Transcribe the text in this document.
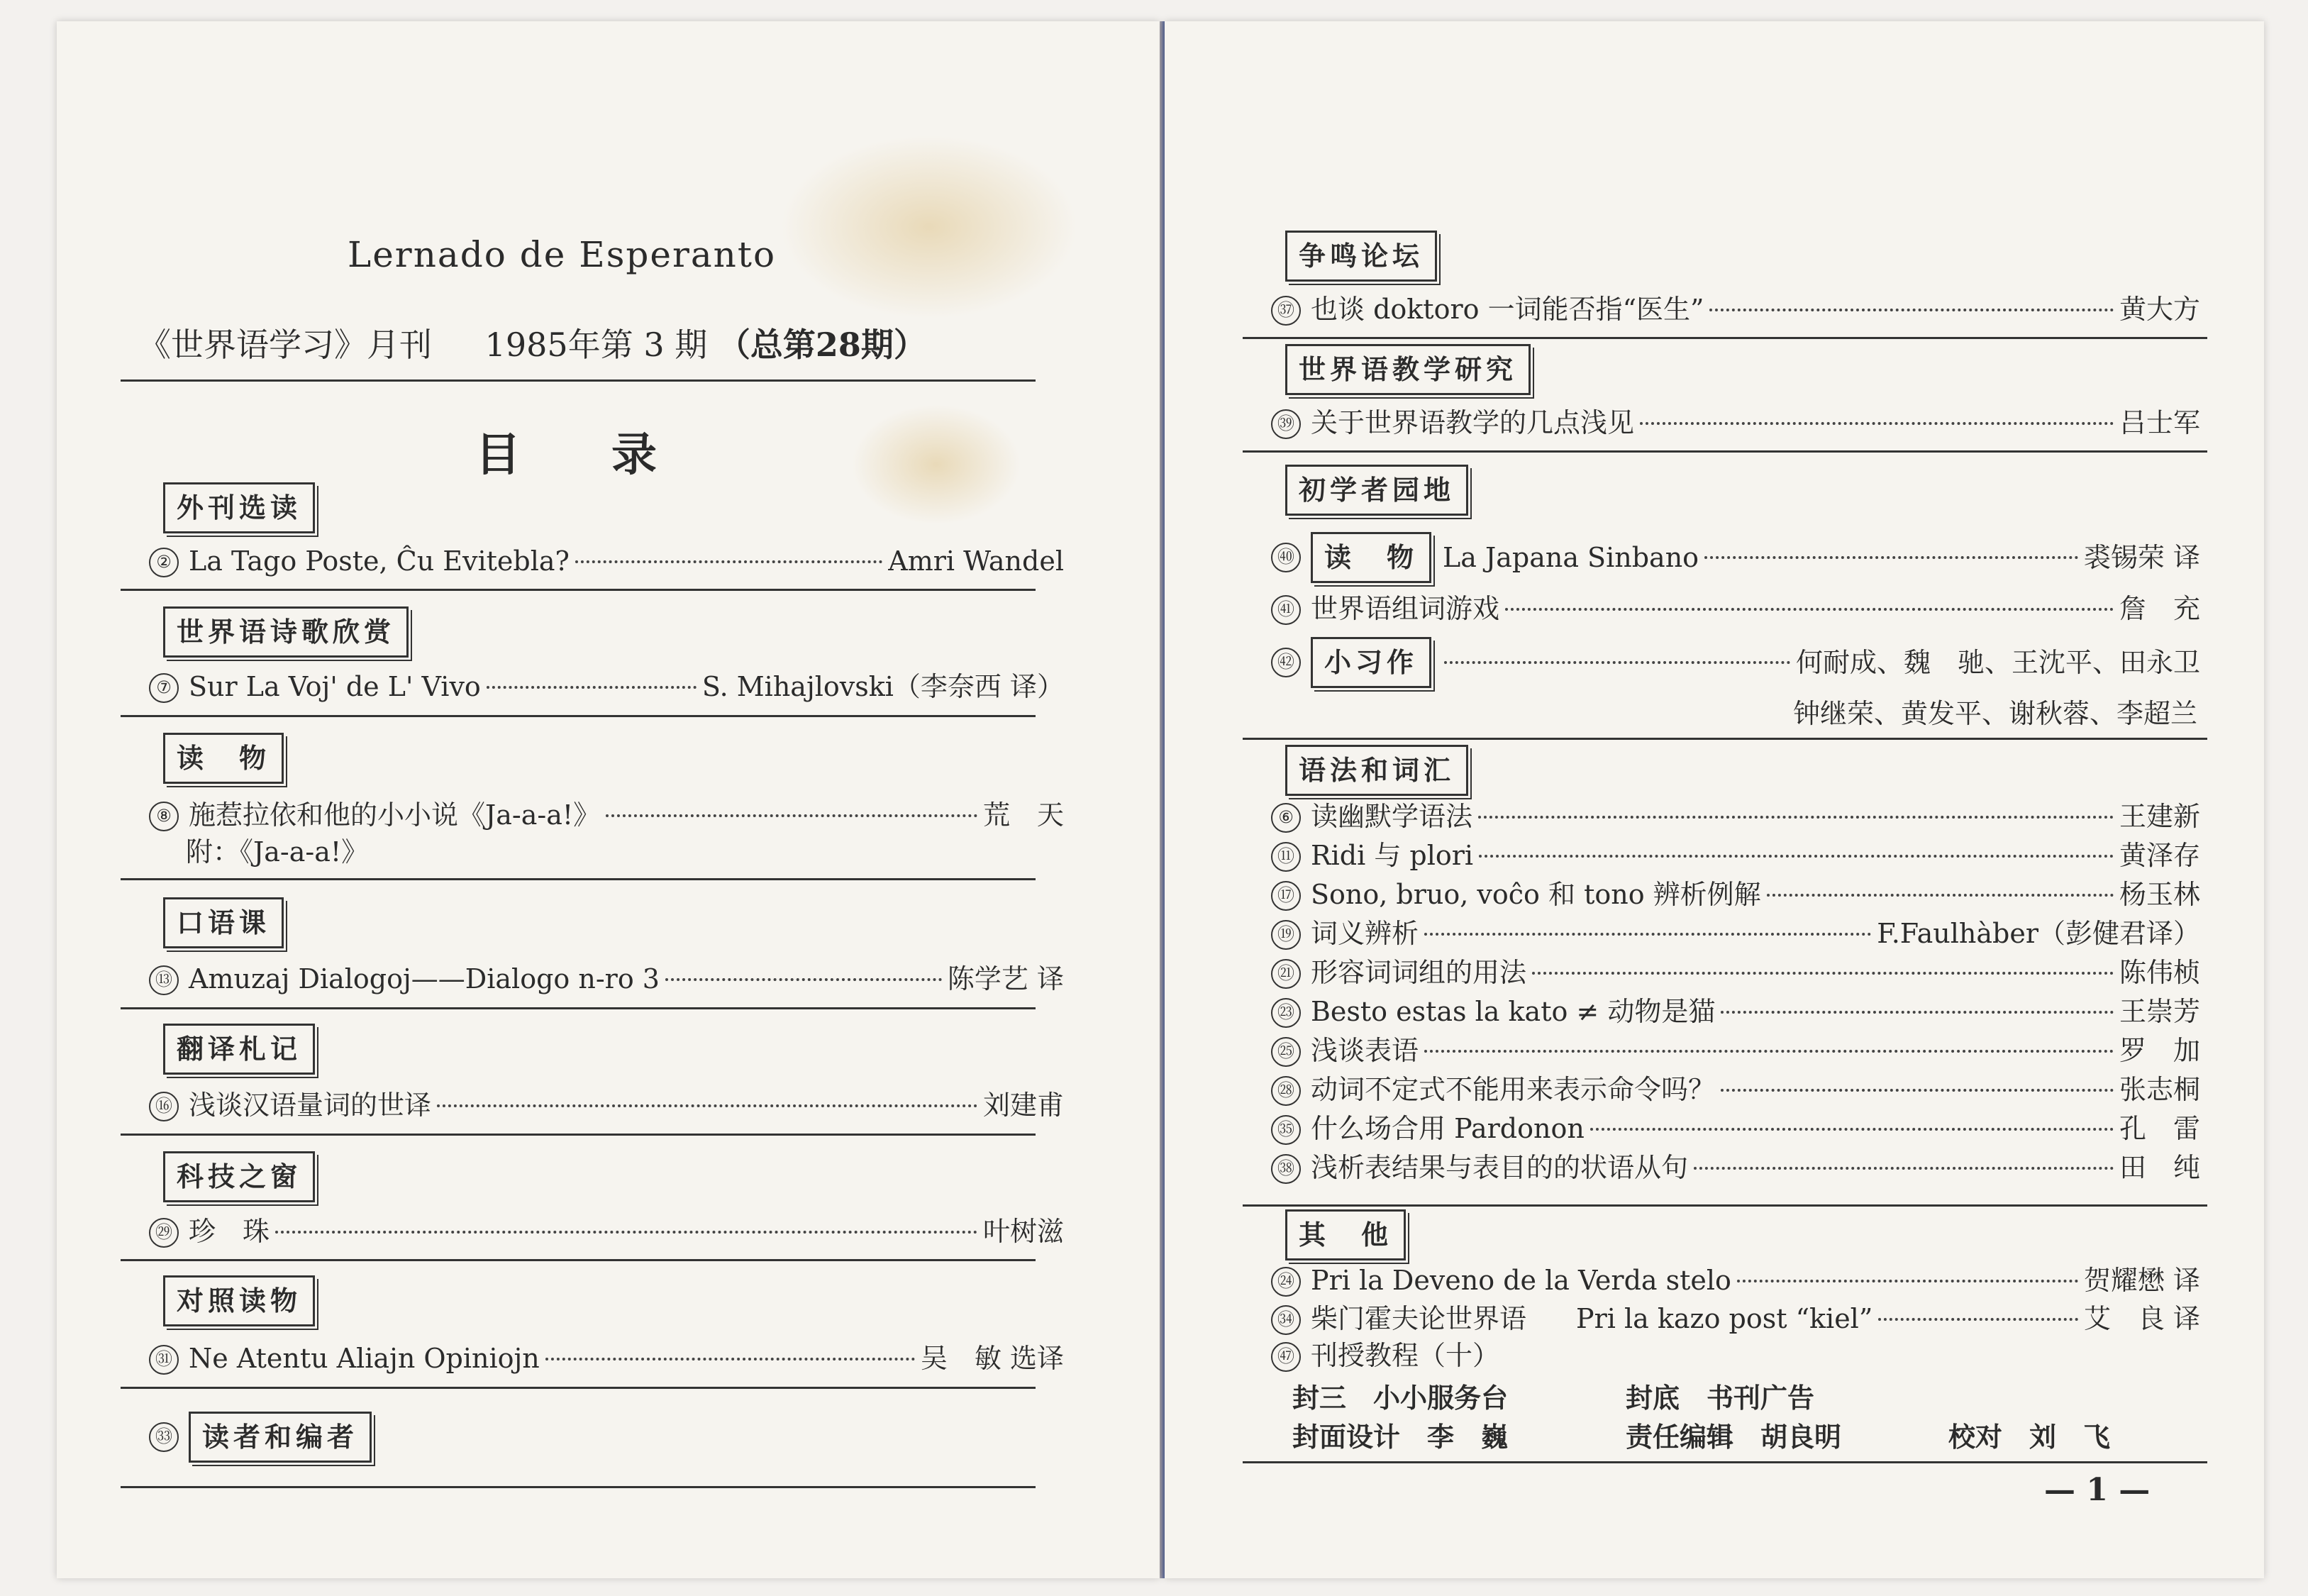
Lernado de Esperanto
《世界语学习》月刊 1985年第 3 期 （总第28期）
目　　录
外刊选读
② La Tago Poste, Ĉu Evitebla?	Amri Wandel
世界语诗歌欣赏
⑦ Sur La Voj' de L' Vivo	S. Mihajlovski（李奈西 译）
读　物
⑧ 施惹拉依和他的小小说《Ja-a-a!》	荒　天
附：《Ja-a-a!》
口语课
⑬ Amuzaj Dialogoj——Dialogo n-ro 3	陈学艺 译
翻译札记
⑯ 浅谈汉语量词的世译	刘建甫
科技之窗
㉙ 珍　珠	叶树滋
对照读物
㉛ Ne Atentu Aliajn Opiniojn	吴　敏 选译
㉝	读者和编者
争鸣论坛
㊲ 也谈 doktoro 一词能否指“医生”	黄大方
世界语教学研究
㊴ 关于世界语教学的几点浅见	吕士军
初学者园地
㊵	读　物 La Japana Sinbano	裘锡荣 译
㊶ 世界语组词游戏	詹　充
㊷	小习作	何耐成、魏　驰、王沈平、田永卫
钟继荣、黄发平、谢秋蓉、李超兰
语法和词汇
⑥ 读幽默学语法	王建新
⑪ Ridi 与 plori	黄泽存
⑰ Sono, bruo, voĉo 和 tono 辨析例解	杨玉林
⑲ 词义辨析	F.Faulhàber（彭健君译）
㉑ 形容词词组的用法	陈伟桢
㉓ Besto estas la kato ≠ 动物是猫	王崇芳
㉕ 浅谈表语	罗　加
㉘ 动词不定式不能用来表示命令吗？	张志桐
㉟ 什么场合用 Pardonon	孔　雷
㊳ 浅析表结果与表目的的状语从句	田　纯
其　他
㉔ Pri la Deveno de la Verda stelo	贺耀懋 译
㉞ 柴门霍夫论世界语 Pri la kazo post “kiel”	艾　良 译
㊼ 刊授教程（十）
封三　小小服务台	封底　书刊广告
封面设计　李　巍	责任编辑　胡良明	校对　刘　飞
— 1 —
